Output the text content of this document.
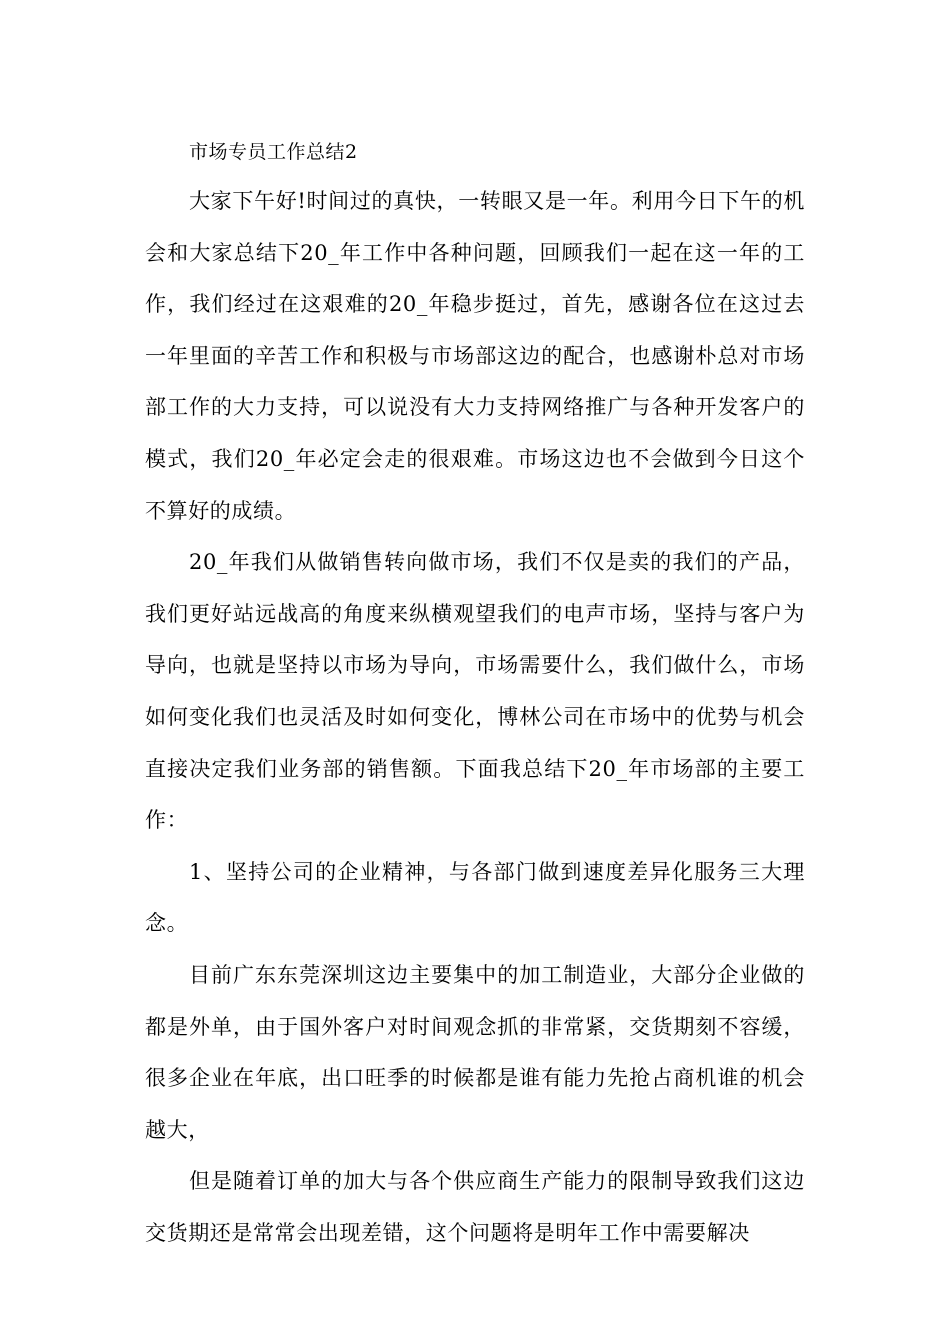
市场专员工作总结2

大家下午好!时间过的真快，一转眼又是一年。利用今日下午的机会和大家总结下20_年工作中各种问题，回顾我们一起在这一年的工作，我们经过在这艰难的20_年稳步挺过，首先，感谢各位在这过去一年里面的辛苦工作和积极与市场部这边的配合，也感谢朴总对市场部工作的大力支持，可以说没有大力支持网络推广与各种开发客户的模式，我们20_年必定会走的很艰难。市场这边也不会做到今日这个不算好的成绩。

20_年我们从做销售转向做市场，我们不仅是卖的我们的产品，我们更好站远战高的角度来纵横观望我们的电声市场，坚持与客户为导向，也就是坚持以市场为导向，市场需要什么，我们做什么，市场如何变化我们也灵活及时如何变化，博林公司在市场中的优势与机会直接决定我们业务部的销售额。下面我总结下20_年市场部的主要工作：

1、坚持公司的企业精神，与各部门做到速度差异化服务三大理念。

目前广东东莞深圳这边主要集中的加工制造业，大部分企业做的都是外单，由于国外客户对时间观念抓的非常紧，交货期刻不容缓，很多企业在年底，出口旺季的时候都是谁有能力先抢占商机谁的机会越大，

但是随着订单的加大与各个供应商生产能力的限制导致我们这边交货期还是常常会出现差错，这个问题将是明年工作中需要解决
